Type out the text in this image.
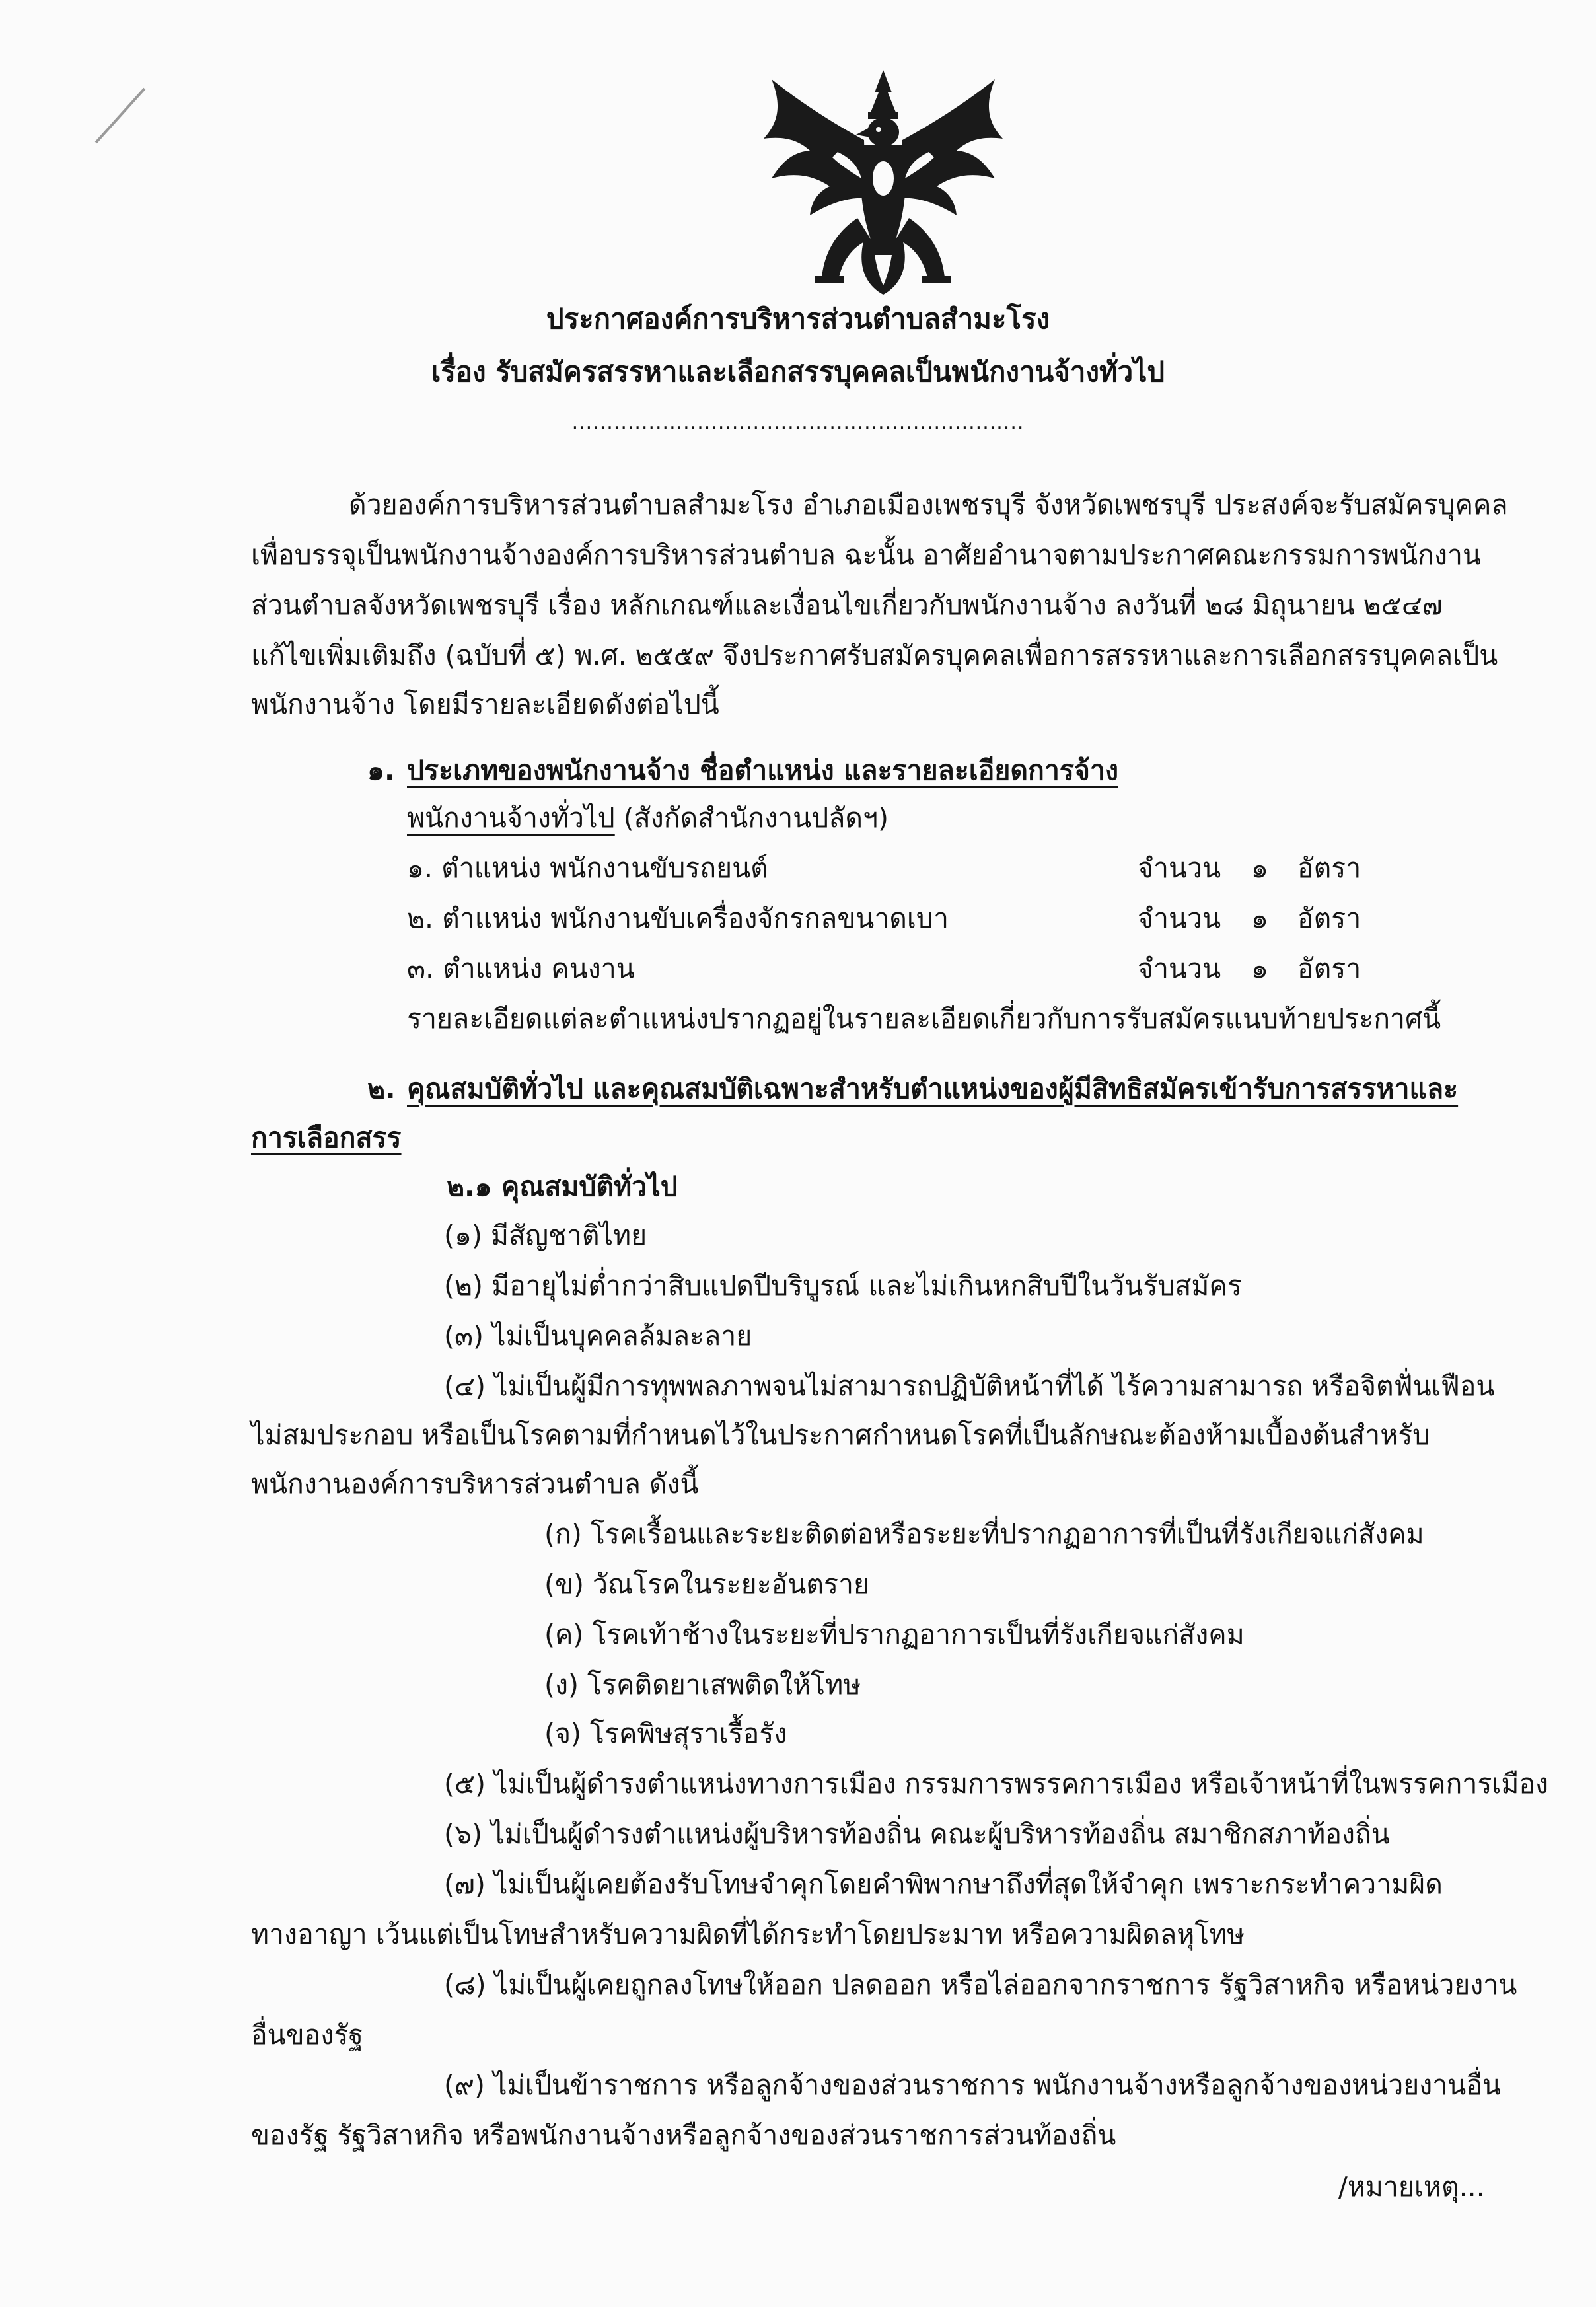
ประกาศองค์การบริหารส่วนตำบลสำมะโรง
เรื่อง รับสมัครสรรหาและเลือกสรรบุคคลเป็นพนักงานจ้างทั่วไป
.................................................................
ด้วยองค์การบริหารส่วนตำบลสำมะโรง อำเภอเมืองเพชรบุรี จังหวัดเพชรบุรี ประสงค์จะรับสมัครบุคคล
เพื่อบรรจุเป็นพนักงานจ้างองค์การบริหารส่วนตำบล ฉะนั้น อาศัยอำนาจตามประกาศคณะกรรมการพนักงาน
ส่วนตำบลจังหวัดเพชรบุรี เรื่อง หลักเกณฑ์และเงื่อนไขเกี่ยวกับพนักงานจ้าง ลงวันที่ ๒๘ มิถุนายน ๒๕๔๗
แก้ไขเพิ่มเติมถึง (ฉบับที่ ๕) พ.ศ. ๒๕๕๙ จึงประกาศรับสมัครบุคคลเพื่อการสรรหาและการเลือกสรรบุคคลเป็น
พนักงานจ้าง โดยมีรายละเอียดดังต่อไปนี้
๑. ประเภทของพนักงานจ้าง ชื่อตำแหน่ง และรายละเอียดการจ้าง
พนักงานจ้างทั่วไป (สังกัดสำนักงานปลัดฯ)
๑. ตำแหน่ง พนักงานขับรถยนต์	จำนวน ๑ อัตรา
๒. ตำแหน่ง พนักงานขับเครื่องจักรกลขนาดเบา	จำนวน ๑ อัตรา
๓. ตำแหน่ง คนงาน	จำนวน ๑ อัตรา
รายละเอียดแต่ละตำแหน่งปรากฏอยู่ในรายละเอียดเกี่ยวกับการรับสมัครแนบท้ายประกาศนี้
๒. คุณสมบัติทั่วไป และคุณสมบัติเฉพาะสำหรับตำแหน่งของผู้มีสิทธิสมัครเข้ารับการสรรหาและ
การเลือกสรร
๒.๑ คุณสมบัติทั่วไป
(๑) มีสัญชาติไทย
(๒) มีอายุไม่ต่ำกว่าสิบแปดปีบริบูรณ์ และไม่เกินหกสิบปีในวันรับสมัคร
(๓) ไม่เป็นบุคคลล้มละลาย
(๔) ไม่เป็นผู้มีการทุพพลภาพจนไม่สามารถปฏิบัติหน้าที่ได้ ไร้ความสามารถ หรือจิตฟั่นเฟือน
ไม่สมประกอบ หรือเป็นโรคตามที่กำหนดไว้ในประกาศกำหนดโรคที่เป็นลักษณะต้องห้ามเบื้องต้นสำหรับ
พนักงานองค์การบริหารส่วนตำบล ดังนี้
(ก) โรคเรื้อนและระยะติดต่อหรือระยะที่ปรากฏอาการที่เป็นที่รังเกียจแก่สังคม
(ข) วัณโรคในระยะอันตราย
(ค) โรคเท้าช้างในระยะที่ปรากฏอาการเป็นที่รังเกียจแก่สังคม
(ง) โรคติดยาเสพติดให้โทษ
(จ) โรคพิษสุราเรื้อรัง
(๕) ไม่เป็นผู้ดำรงตำแหน่งทางการเมือง กรรมการพรรคการเมือง หรือเจ้าหน้าที่ในพรรคการเมือง
(๖) ไม่เป็นผู้ดำรงตำแหน่งผู้บริหารท้องถิ่น คณะผู้บริหารท้องถิ่น สมาชิกสภาท้องถิ่น
(๗) ไม่เป็นผู้เคยต้องรับโทษจำคุกโดยคำพิพากษาถึงที่สุดให้จำคุก เพราะกระทำความผิด
ทางอาญา เว้นแต่เป็นโทษสำหรับความผิดที่ได้กระทำโดยประมาท หรือความผิดลหุโทษ
(๘) ไม่เป็นผู้เคยถูกลงโทษให้ออก ปลดออก หรือไล่ออกจากราชการ รัฐวิสาหกิจ หรือหน่วยงาน
อื่นของรัฐ
(๙) ไม่เป็นข้าราชการ หรือลูกจ้างของส่วนราชการ พนักงานจ้างหรือลูกจ้างของหน่วยงานอื่น
ของรัฐ รัฐวิสาหกิจ หรือพนักงานจ้างหรือลูกจ้างของส่วนราชการส่วนท้องถิ่น
/หมายเหตุ...
